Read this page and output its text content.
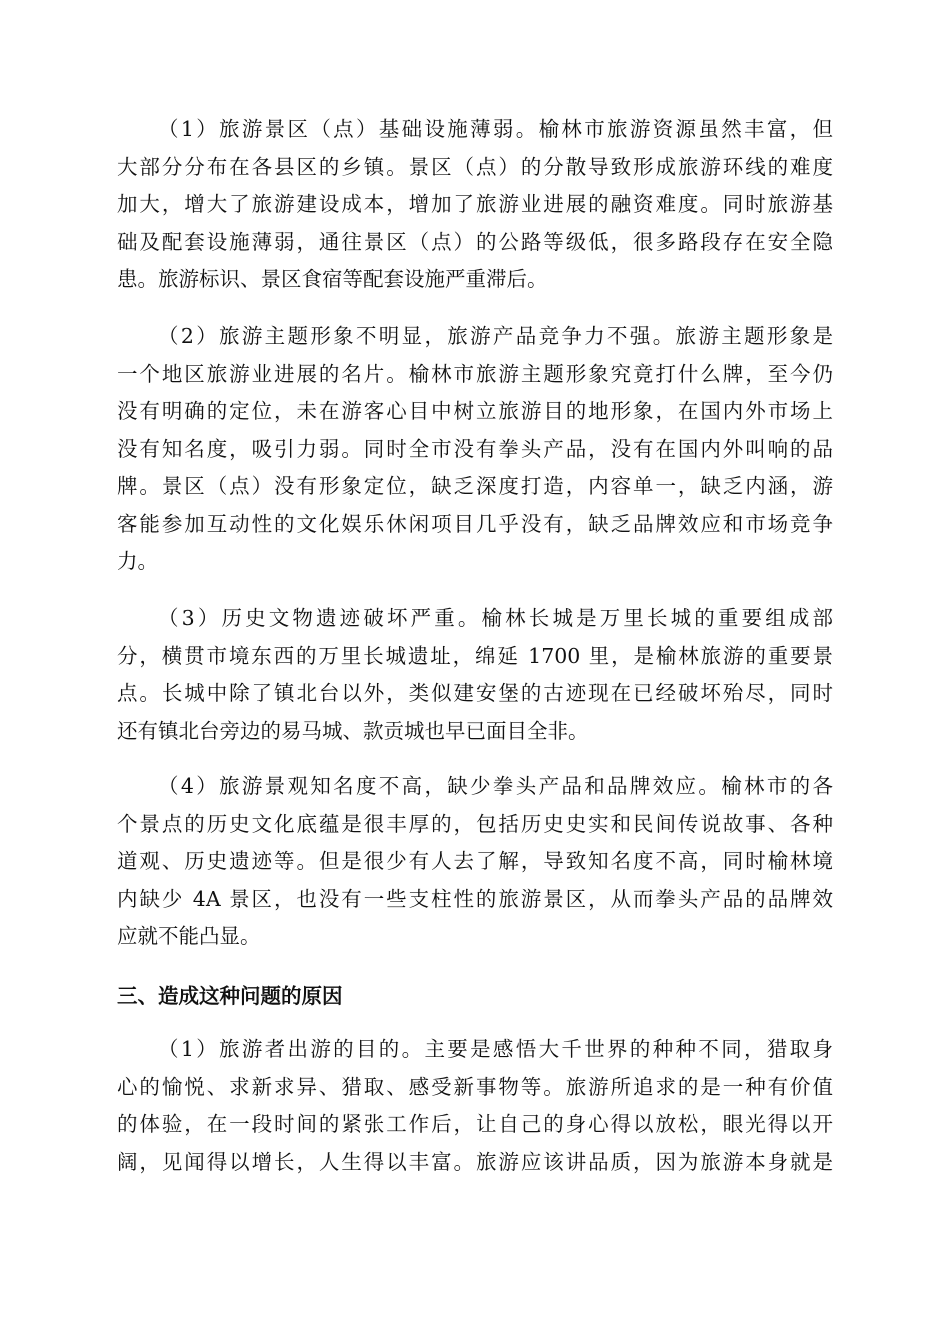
（1）旅游景区（点）基础设施薄弱。榆林市旅游资源虽然丰富，但
大部分分布在各县区的乡镇。景区（点）的分散导致形成旅游环线的难度
加大，增大了旅游建设成本，增加了旅游业进展的融资难度。同时旅游基
础及配套设施薄弱，通往景区（点）的公路等级低，很多路段存在安全隐
患。旅游标识、景区食宿等配套设施严重滞后。
（2）旅游主题形象不明显，旅游产品竞争力不强。旅游主题形象是
一个地区旅游业进展的名片。榆林市旅游主题形象究竟打什么牌，至今仍
没有明确的定位，未在游客心目中树立旅游目的地形象，在国内外市场上
没有知名度，吸引力弱。同时全市没有拳头产品，没有在国内外叫响的品
牌。景区（点）没有形象定位，缺乏深度打造，内容单一，缺乏内涵，游
客能参加互动性的文化娱乐休闲项目几乎没有，缺乏品牌效应和市场竞争
力。
（3）历史文物遗迹破坏严重。榆林长城是万里长城的重要组成部
分，横贯市境东西的万里长城遗址，绵延 1700 里，是榆林旅游的重要景
点。长城中除了镇北台以外，类似建安堡的古迹现在已经破坏殆尽，同时
还有镇北台旁边的易马城、款贡城也早已面目全非。
（4）旅游景观知名度不高，缺少拳头产品和品牌效应。榆林市的各
个景点的历史文化底蕴是很丰厚的，包括历史史实和民间传说故事、各种
道观、历史遗迹等。但是很少有人去了解，导致知名度不高，同时榆林境
内缺少 4A 景区，也没有一些支柱性的旅游景区，从而拳头产品的品牌效
应就不能凸显。
三、造成这种问题的原因
（1）旅游者出游的目的。主要是感悟大千世界的种种不同，猎取身
心的愉悦、求新求异、猎取、感受新事物等。旅游所追求的是一种有价值
的体验，在一段时间的紧张工作后，让自己的身心得以放松，眼光得以开
阔，见闻得以增长，人生得以丰富。旅游应该讲品质，因为旅游本身就是
